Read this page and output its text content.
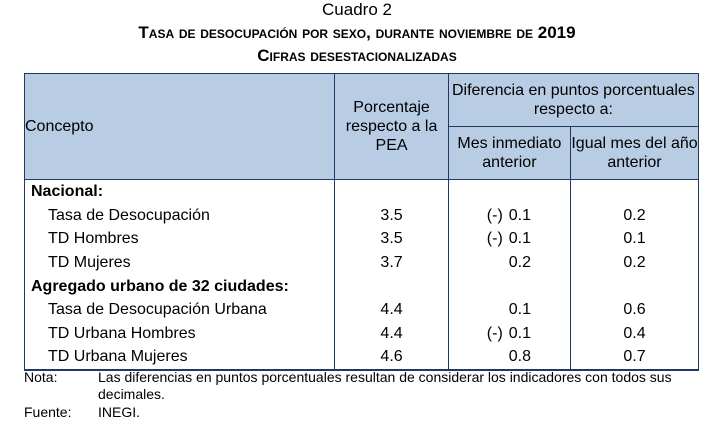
Cuadro 2
Tasa de desocupación por sexo, durante noviembre de 2019
Cifras desestacionalizadas
Concepto	Porcentaje respecto a la PEA	Diferencia en puntos porcentuales respecto a:	
		Mes inmediato anterior	Igual mes del año anterior
Nacional:			
Tasa de Desocupación	3.5	(-) 0.1	0.2
TD Hombres	3.5	(-) 0.1	0.1
TD Mujeres	3.7	0.2	0.2
Agregado urbano de 32 ciudades:			
Tasa de Desocupación Urbana	4.4	0.1	0.6
TD Urbana Hombres	4.4	(-) 0.1	0.4
TD Urbana Mujeres	4.6	0.8	0.7
Nota:	Las diferencias en puntos porcentuales resultan de considerar los indicadores con todos sus decimales.
Fuente:	INEGI.
